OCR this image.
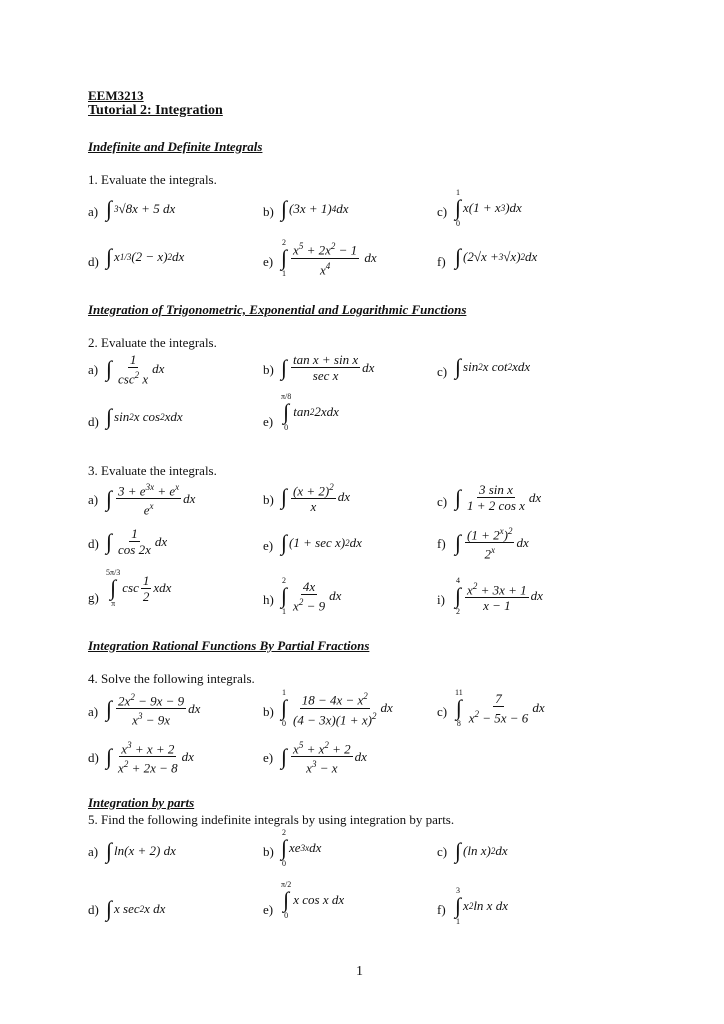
EEM3213
Tutorial 2: Integration
Indefinite and Definite Integrals
1. Evaluate the integrals.
a) ∫ 3 √8x + 5 dx	b) ∫ (3x + 1) 4 dx	c)
1
∫
0
x(1 + x 3 )dx
d) ∫ x 1/3 (2 − x) 2 dx	e)
2
∫
$1 \frac{x^5 + 2x^2 - 1}{x^4}$ dx	f) ∫ (2√x + 3 √x) 2 dx
Integration of Trigonometric, Exponential and Logarithmic Functions
2. Evaluate the integrals.
a) ∫ $\frac{1}{\csc^2 x}$ dx	b) ∫ $\frac{\text{tan x + sin x}}{\text{sec x}}$ dx	c) ∫ sin 2 x cot 2 xdx
d) ∫ sin 2 x cos 2 xdx	e)
π/8
∫
0
tan 2 2xdx
3. Evaluate the integrals.
a) ∫ $\frac{3 + e^{3x} + e^x}{e^x}$ dx	b) ∫ $\frac{(x + 2)^2}{x}$ dx	c) ∫ $\frac{\text{3 sin x}}{\text{1 + 2 cos x}}$ dx
d) ∫ $\frac{1}{\cos 2x}$ dx	e) ∫ (1 + sec x) 2 dx	f) ∫ $\frac{(1 + 2^x)^2}{2^x}$ dx
g)
5π/3
∫
π
$\csc \frac{1}{2}$ xdx
h)
2
∫
$1 \frac{4x}{x^2 - 9}$ dx	i)
4
∫
$2 \frac{x^2 + 3x + 1}{x - 1}$ dx
Integration Rational Functions By Partial Fractions
4. Solve the following integrals.
a) ∫ $\frac{2x^2 - 9x - 9}{x^3 - 9x}$ dx	b)
1
∫
$0 \frac{18 - 4x - x^2}{(4 - 3x)(1 + x)^2}$ dx	c)
11
∫
$8 \frac{7}{x^2 - 5x - 6}$ dx
d) ∫ $\frac{x^3 + x + 2}{x^2 + 2x - 8}$ dx	e) ∫ $\frac{x^5 + x^2 + 2}{x^3 - x}$ dx
Integration by parts
5. Find the following indefinite integrals by using integration by parts.
a) ∫ ln(x + 2) dx	b)
2
∫
0
xe 3x dx	c) ∫ (ln x) 2 dx
d) ∫ x sec 2 x dx	e)
π/2
∫
0
x cos x dx
f)
3
∫
1
x 2 ln x dx
1
